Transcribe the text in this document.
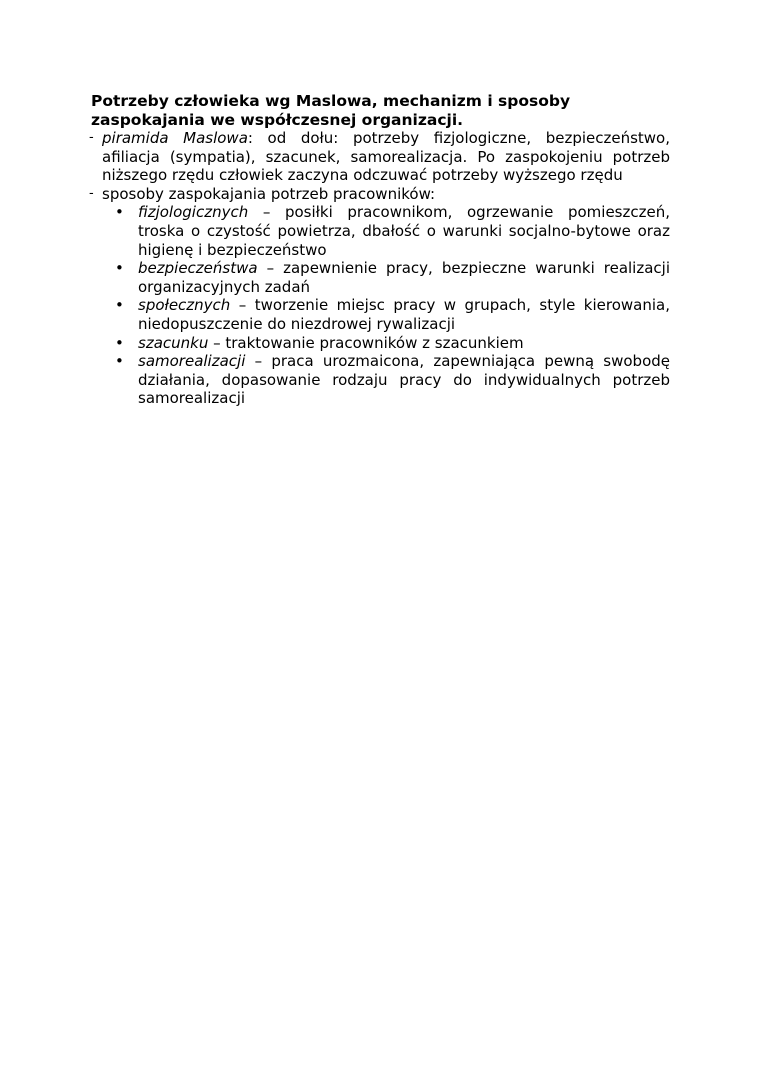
Potrzeby człowieka wg Maslowa, mechanizm i sposoby
zaspokajania we współczesnej organizacji.

- piramida Maslowa: od dołu: potrzeby fizjologiczne, bezpieczeństwo, afiliacja (sympatia), szacunek, samorealizacja. Po zaspokojeniu potrzeb niższego rzędu człowiek zaczyna odczuwać potrzeby wyższego rzędu
- sposoby zaspokajania potrzeb pracowników:
• fizjologicznych – posiłki pracownikom, ogrzewanie pomieszczeń, troska o czystość powietrza, dbałość o warunki socjalno-bytowe oraz higienę i bezpieczeństwo
• bezpieczeństwa – zapewnienie pracy, bezpieczne warunki realizacji organizacyjnych zadań
• społecznych – tworzenie miejsc pracy w grupach, style kierowania, niedopuszczenie do niezdrowej rywalizacji
• szacunku – traktowanie pracowników z szacunkiem
• samorealizacji – praca urozmaicona, zapewniająca pewną swobodę działania, dopasowanie rodzaju pracy do indywidualnych potrzeb samorealizacji
